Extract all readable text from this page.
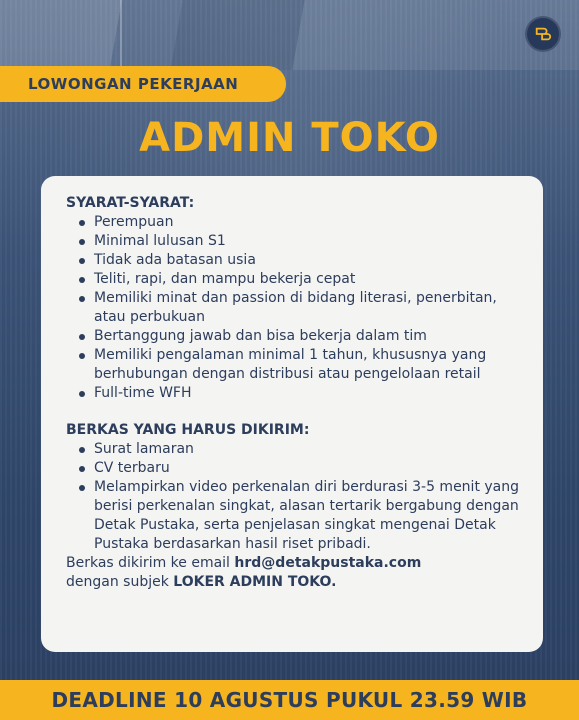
LOWONGAN PEKERJAAN
ADMIN TOKO

SYARAT-SYARAT:

Perempuan
Minimal lulusan S1
Tidak ada batasan usia
Teliti, rapi, dan mampu bekerja cepat
Memiliki minat dan passion di bidang literasi, penerbitan, atau perbukuan
Bertanggung jawab dan bisa bekerja dalam tim
Memiliki pengalaman minimal 1 tahun, khususnya yang berhubungan dengan distribusi atau pengelolaan retail
Full-time WFH

BERKAS YANG HARUS DIKIRIM:

Surat lamaran
CV terbaru
Melampirkan video perkenalan diri berdurasi 3-5 menit yang berisi perkenalan singkat, alasan tertarik bergabung dengan Detak Pustaka, serta penjelasan singkat mengenai Detak Pustaka berdasarkan hasil riset pribadi.

Berkas dikirim ke email hrd@detakpustaka.com
dengan subjek LOKER ADMIN TOKO.

DEADLINE 10 AGUSTUS PUKUL 23.59 WIB
